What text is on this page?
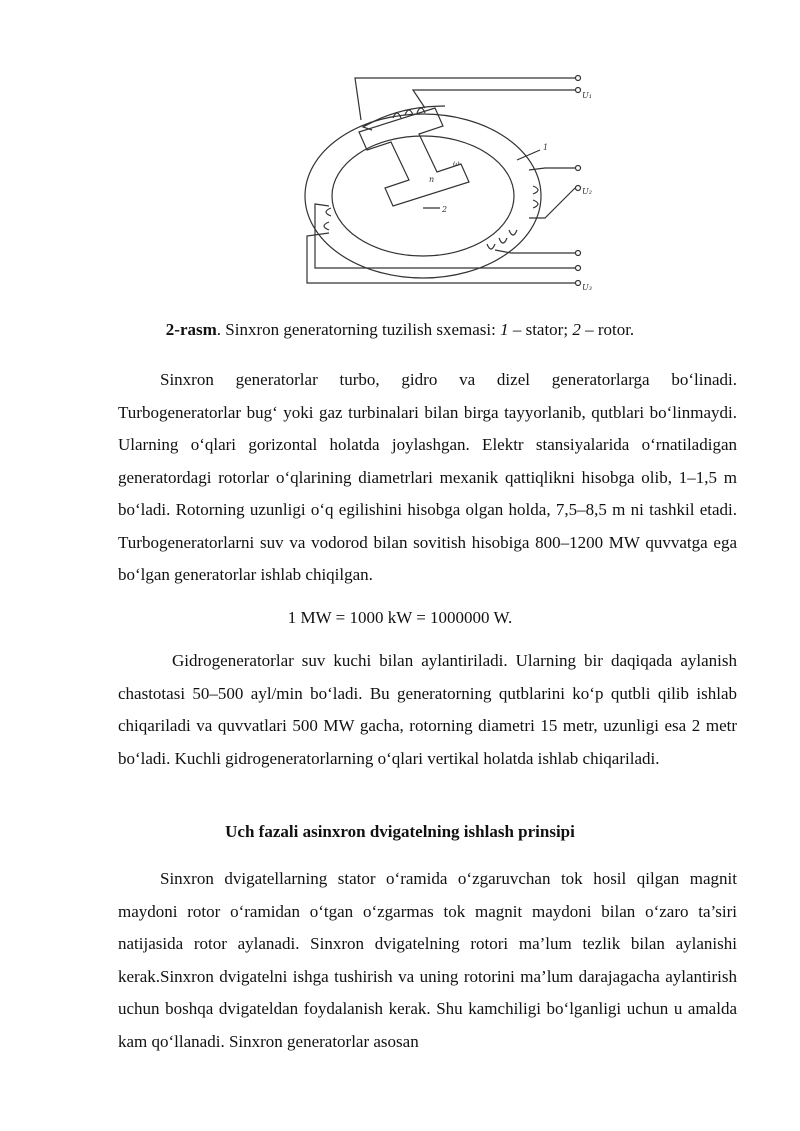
1
2
ω
n
U₁
U₂
U₃
2-rasm. Sinxron generatorning tuzilish sxemasi: 1 – stator; 2 – rotor.
Sinxron generatorlar turbo, gidro va dizel generatorlarga bo‘linadi. Turbogeneratorlar bug‘ yoki gaz turbinalari bilan birga tayyorlanib, qutblari bo‘linmaydi. Ularning o‘qlari gorizontal holatda joylashgan. Elektr stansiyalarida o‘rnatiladigan generatordagi rotorlar o‘qlarining diametrlari mexanik qattiqlikni hisobga olib, 1–1,5 m bo‘ladi. Rotorning uzunligi o‘q egilishini hisobga olgan holda, 7,5–8,5 m ni tashkil etadi. Turbogeneratorlarni suv va vodorod bilan sovitish hisobiga 800–1200 MW quvvatga ega bo‘lgan generatorlar ishlab chiqilgan.
1 MW = 1000 kW = 1000000 W.
Gidrogeneratorlar suv kuchi bilan aylantiriladi. Ularning bir daqiqada aylanish chastotasi 50–500 ayl/min bo‘ladi. Bu generatorning qutblarini ko‘p qutbli qilib ishlab chiqariladi va quvvatlari 500 MW gacha, rotorning diametri 15 metr, uzunligi esa 2 metr bo‘ladi. Kuchli gidrogeneratorlarning o‘qlari vertikal holatda ishlab chiqariladi.
Uch fazali asinxron dvigatelning ishlash prinsipi
Sinxron dvigatellarning stator o‘ramida o‘zgaruvchan tok hosil qilgan magnit maydoni rotor o‘ramidan o‘tgan o‘zgarmas tok magnit maydoni bilan o‘zaro ta’siri natijasida rotor aylanadi. Sinxron dvigatelning rotori ma’lum tezlik bilan aylanishi kerak.Sinxron dvigatelni ishga tushirish va uning rotorini ma’lum darajagacha aylantirish uchun boshqa dvigateldan foydalanish kerak. Shu kamchiligi bo‘lganligi uchun u amalda kam qo‘llanadi. Sinxron generatorlar asosan
